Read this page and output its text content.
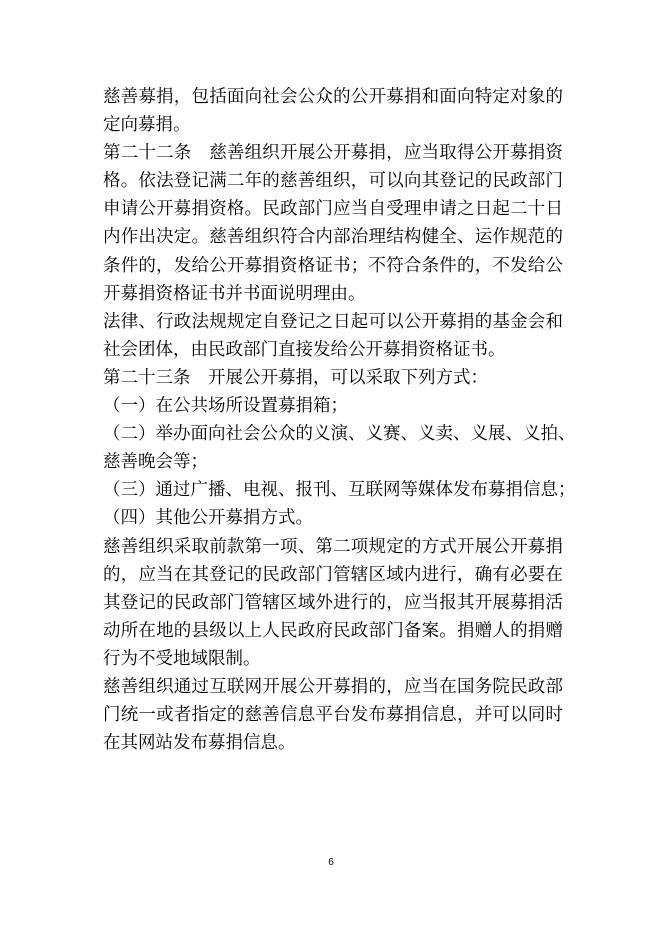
慈善募捐，包括面向社会公众的公开募捐和面向特定对象的
定向募捐。
第二十二条　慈善组织开展公开募捐，应当取得公开募捐资
格。依法登记满二年的慈善组织，可以向其登记的民政部门
申请公开募捐资格。民政部门应当自受理申请之日起二十日
内作出决定。慈善组织符合内部治理结构健全、运作规范的
条件的，发给公开募捐资格证书；不符合条件的，不发给公
开募捐资格证书并书面说明理由。
法律、行政法规规定自登记之日起可以公开募捐的基金会和
社会团体，由民政部门直接发给公开募捐资格证书。
第二十三条　开展公开募捐，可以采取下列方式：
（一）在公共场所设置募捐箱；
（二）举办面向社会公众的义演、义赛、义卖、义展、义拍、
慈善晚会等；
（三）通过广播、电视、报刊、互联网等媒体发布募捐信息；
（四）其他公开募捐方式。
慈善组织采取前款第一项、第二项规定的方式开展公开募捐
的，应当在其登记的民政部门管辖区域内进行，确有必要在
其登记的民政部门管辖区域外进行的，应当报其开展募捐活
动所在地的县级以上人民政府民政部门备案。捐赠人的捐赠
行为不受地域限制。
慈善组织通过互联网开展公开募捐的，应当在国务院民政部
门统一或者指定的慈善信息平台发布募捐信息，并可以同时
在其网站发布募捐信息。
6
